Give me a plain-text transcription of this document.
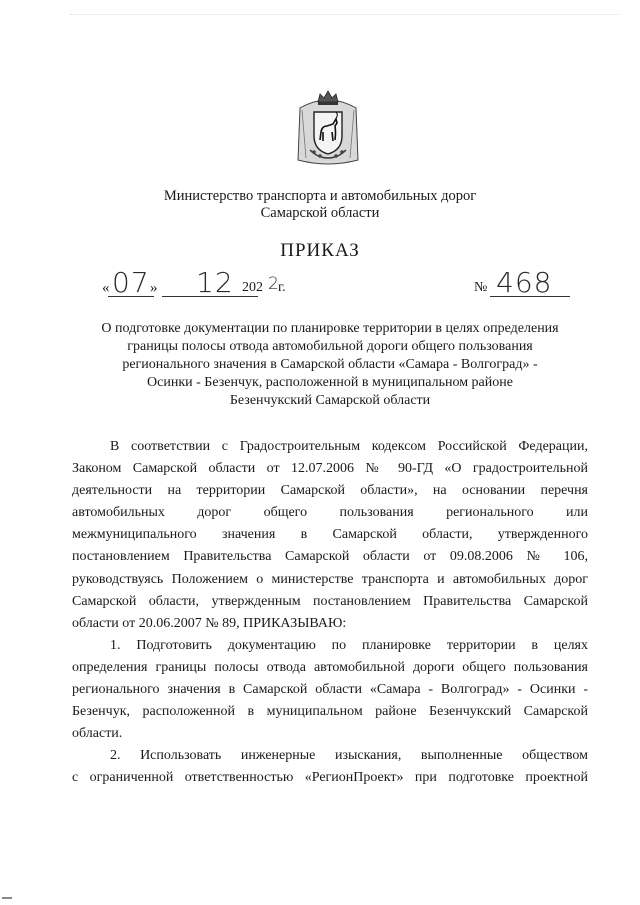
Министерство транспорта и автомобильных дорог
Самарской области
ПРИКАЗ
« 07 » 12 202 2
г.	№ 468
О подготовке документации по планировке территории в целях определения
границы полосы отвода автомобильной дороги общего пользования
регионального значения в Самарской области «Самара - Волгоград» -
Осинки - Безенчук, расположенной в муниципальном районе
Безенчукский Самарской области
В соответствии с Градостроительным кодексом Российской Федерации,
Законом Самарской области от 12.07.2006 № 90-ГД «О градостроительной
деятельности на территории Самарской области», на основании перечня
автомобильных дорог общего пользования регионального или
межмуниципального значения в Самарской области, утвержденного
постановлением Правительства Самарской области от 09.08.2006 № 106,
руководствуясь Положением о министерстве транспорта и автомобильных дорог
Самарской области, утвержденным постановлением Правительства Самарской
области от 20.06.2007 № 89, ПРИКАЗЫВАЮ:
1. Подготовить документацию по планировке территории в целях
определения границы полосы отвода автомобильной дороги общего пользования
регионального значения в Самарской области «Самара - Волгоград» - Осинки -
Безенчук, расположенной в муниципальном районе Безенчукский Самарской
области.
2. Использовать инженерные изыскания, выполненные обществом
с ограниченной ответственностью «РегионПроект» при подготовке проектной
